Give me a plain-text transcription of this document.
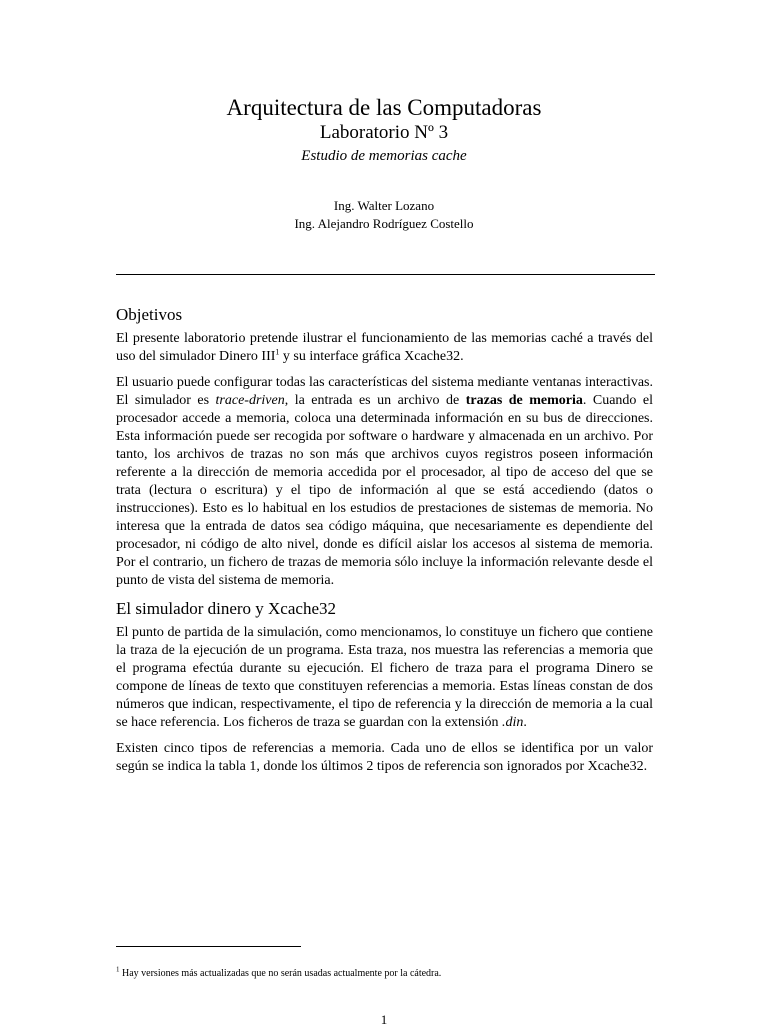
Arquitectura de las Computadoras
Laboratorio Nº 3
Estudio de memorias cache
Ing. Walter Lozano
Ing. Alejandro Rodríguez Costello
Objetivos

El presente laboratorio pretende ilustrar el funcionamiento de las memorias caché a través del uso del simulador Dinero III$^1$ y su interface gráfica Xcache32.

El usuario puede configurar todas las características del sistema mediante ventanas interactivas. El simulador es trace-driven, la entrada es un archivo de trazas de memoria. Cuando el procesador accede a memoria, coloca una determinada información en su bus de direcciones. Esta información puede ser recogida por software o hardware y almacenada en un archivo. Por tanto, los archivos de trazas no son más que archivos cuyos registros poseen información referente a la dirección de memoria accedida por el procesador, al tipo de acceso del que se trata (lectura o escritura) y el tipo de información al que se está accediendo (datos o instrucciones). Esto es lo habitual en los estudios de prestaciones de sistemas de memoria. No interesa que la entrada de datos sea código máquina, que necesariamente es dependiente del procesador, ni código de alto nivel, donde es difícil aislar los accesos al sistema de memoria. Por el contrario, un fichero de trazas de memoria sólo incluye la información relevante desde el punto de vista del sistema de memoria.

El simulador dinero y Xcache32

El punto de partida de la simulación, como mencionamos, lo constituye un fichero que contiene la traza de la ejecución de un programa. Esta traza, nos muestra las referencias a memoria que el programa efectúa durante su ejecución. El fichero de traza para el programa Dinero se compone de líneas de texto que constituyen referencias a memoria. Estas líneas constan de dos números que indican, respectivamente, el tipo de referencia y la dirección de memoria a la cual se hace referencia. Los ficheros de traza se guardan con la extensión .din.

Existen cinco tipos de referencias a memoria. Cada uno de ellos se identifica por un valor según se indica la tabla 1, donde los últimos 2 tipos de referencia son ignorados por Xcache32.

$^1$ Hay versiones más actualizadas que no serán usadas actualmente por la cátedra.
1
